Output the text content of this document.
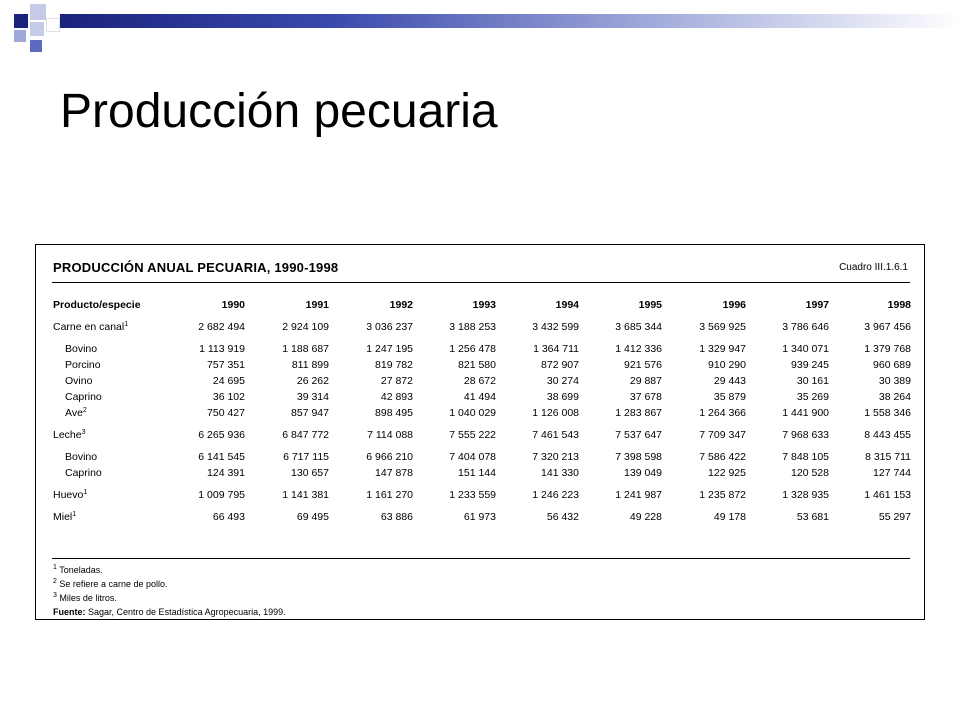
Producción pecuaria
PRODUCCIÓN ANUAL PECUARIA, 1990-1998	Cuadro III.1.6.1
Producto/especie	1990	1991	1992	1993	1994	1995	1996	1997	1998
Carne en canal$^1$	2 682 494	2 924 109	3 036 237	3 188 253	3 432 599	3 685 344	3 569 925	3 786 646	3 967 456
Bovino	1 113 919	1 188 687	1 247 195	1 256 478	1 364 711	1 412 336	1 329 947	1 340 071	1 379 768
Porcino	757 351	811 899	819 782	821 580	872 907	921 576	910 290	939 245	960 689
Ovino	24 695	26 262	27 872	28 672	30 274	29 887	29 443	30 161	30 389
Caprino	36 102	39 314	42 893	41 494	38 699	37 678	35 879	35 269	38 264
Ave$^2$	750 427	857 947	898 495	1 040 029	1 126 008	1 283 867	1 264 366	1 441 900	1 558 346
Leche$^3$	6 265 936	6 847 772	7 114 088	7 555 222	7 461 543	7 537 647	7 709 347	7 968 633	8 443 455
Bovino	6 141 545	6 717 115	6 966 210	7 404 078	7 320 213	7 398 598	7 586 422	7 848 105	8 315 711
Caprino	124 391	130 657	147 878	151 144	141 330	139 049	122 925	120 528	127 744
Huevo$^1$	1 009 795	1 141 381	1 161 270	1 233 559	1 246 223	1 241 987	1 235 872	1 328 935	1 461 153
Miel$^1$	66 493	69 495	63 886	61 973	56 432	49 228	49 178	53 681	55 297
$^1$ Toneladas.
$^2$ Se refiere a carne de pollo.
$^3$ Miles de litros.
Fuente: Sagar, Centro de Estadística Agropecuaria, 1999.
